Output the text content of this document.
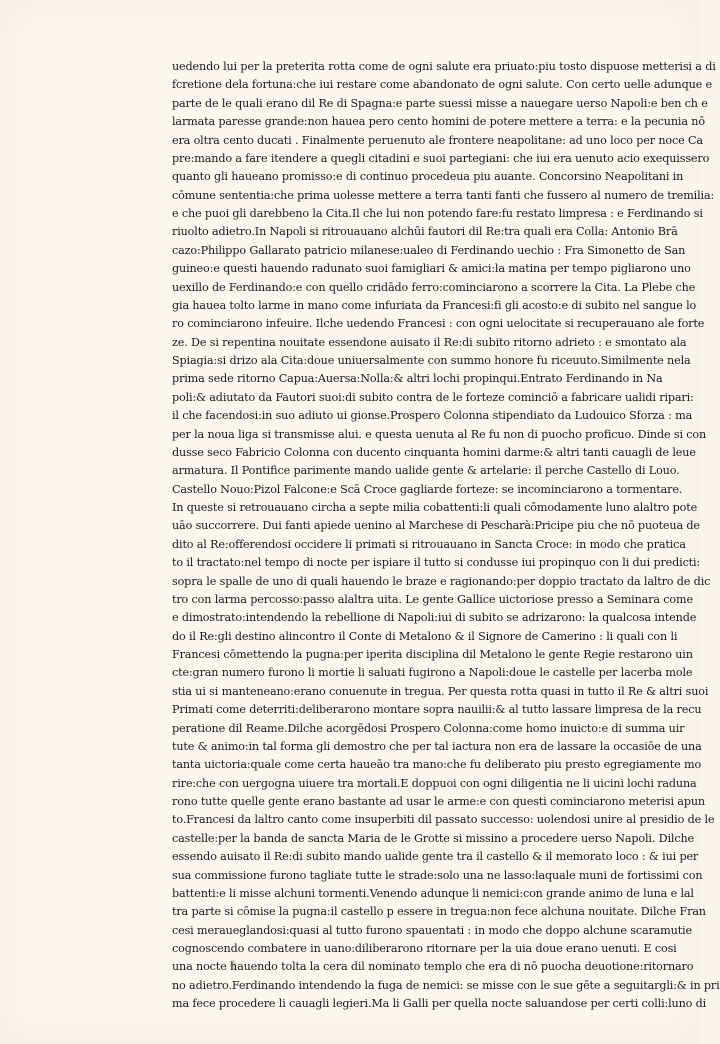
uedendo lui per la preterita rotta come de ogni salute era priuato:piu tosto dispuose metterisi a di
fcretione dela fortuna:che iui restare come abandonato de ogni salute. Con certo uelle adunque e
parte de le quali erano dil Re di Spagna:e parte suessi misse a nauegare uerso Napoli:e ben ch e
larmata paresse grande:non hauea pero cento homini de potere mettere a terra: e la pecunia nō
era oltra cento ducati . Finalmente peruenuto ale frontere neapolitane: ad uno loco per noce Ca
pre:mando a fare itendere a quegli citadini e suoi partegiani: che iui era uenuto acio exequissero
quanto gli haueano promisso:e di continuo procedeua piu auante. Concorsino Neapolitani in
cōmune sententia:che prima uolesse mettere a terra tanti fanti che fussero al numero de tremilia:
e che puoi gli darebbeno la Cita.Il che lui non potendo fare:fu restato limpresa : e Ferdinando si
riuolto adietro.In Napoli si ritrouauano alchūi fautori dil Re:tra quali era Colla: Antonio Brā
cazo:Philippo Gallarato patricio milanese:ualeo di Ferdinando uechio : Fra Simonetto de San
guineo:e questi hauendo radunato suoi famigliari & amici:la matina per tempo pigliarono uno
uexillo de Ferdinando:e con quello cridādo ferro:cominciarono a scorrere la Cita. La Plebe che
gia hauea tolto larme in mano come infuriata da Francesi:fi gli acosto:e di subito nel sangue lo
ro cominciarono infeuire. Ilche uedendo Francesi : con ogni uelocitate si recuperauano ale forte
ze. De si repentina nouitate essendone auisato il Re:di subito ritorno adrieto : e smontato ala
Spiagia:si drizo ala Cita:doue uniuersalmente con summo honore fu riceuuto.Similmente nela
prima sede ritorno Capua:Auersa:Nolla:& altri lochi propinqui.Entrato Ferdinando in Na
poli:& adiutato da Fautori suoi:di subito contra de le forteze cominciō a fabricare ualidi ripari:
il che facendosi:in suo adiuto ui gionse.Prospero Colonna stipendiato da Ludouico Sforza : ma
per la noua liga si transmisse alui. e questa uenuta al Re fu non di puocho proficuo. Dinde si con
dusse seco Fabricio Colonna con ducento cinquanta homini darme:& altri tanti cauagli de leue
armatura. Il Pontifice parimente mando ualide gente & artelarie: il perche Castello di Louo.
Castello Nouo:Pizol Falcone:e Scā Croce gagliarde forteze: se incominciarono a tormentare.
In queste si retrouauano circha a septe milia cobattenti:li quali cōmodamente luno alaltro pote
uāo succorrere. Dui fanti apiede uenino al Marchese di Pescharà:Pricipe piu che nō puoteua de
dito al Re:offerendosi occidere li primati si ritrouauano in Sancta Croce: in modo che pratica
to il tractato:nel tempo di nocte per ispiare il tutto si condusse iui propinquo con li dui predicti:
sopra le spalle de uno di quali hauendo le braze e ragionando:per doppio tractato da laltro de dic
tro con larma percosso:passo alaltra uita. Le gente Gallice uictoriose presso a Seminara come
e dimostrato:intendendo la rebellione di Napoli:iui di subito se adrizarono: la qualcosa intende
do il Re:gli destino alincontro il Conte di Metalono & il Signore de Camerino : li quali con li
Francesi cōmettendo la pugna:per iperita disciplina dil Metalono le gente Regie restarono uin
cte:gran numero furono li mortie li saluati fugirono a Napoli:doue le castelle per lacerba mole
stia ui si manteneano:erano conuenute in tregua. Per questa rotta quasi in tutto il Re & altri suoi
Primati come deterriti:deliberarono montare sopra nauilii:& al tutto lassare limpresa de la recu
peratione dil Reame.Dilche acorgēdosi Prospero Colonna:come homo inuicto:e di summa uir
tute & animo:in tal forma gli demostro che per tal iactura non era de lassare la occasiōe de una
tanta uictoria:quale come certa haueāo tra mano:che fu deliberato piu presto egregiamente mo
rire:che con uergogna uiuere tra mortali.E doppuoi con ogni diligentia ne li uicini lochi raduna
rono tutte quelle gente erano bastante ad usar le arme:e con questi cominciarono meterisi apun
to.Francesi da laltro canto come insuperbiti dil passato successo: uolendosi unire al presidio de le
castelle:per la banda de sancta Maria de le Grotte si missino a procedere uerso Napoli. Dilche
essendo auisato il Re:di subito mando ualide gente tra il castello & il memorato loco : & iui per
sua commissione furono tagliate tutte le strade:solo una ne lasso:laquale muni de fortissimi con
battenti:e li misse alchuni tormenti.Venendo adunque li nemici:con grande animo de luna e lal
tra parte si cōmise la pugna:il castello p essere in tregua:non fece alchuna nouitate. Dilche Fran
cesi meraueglandosi:quasi al tutto furono spauentati : in modo che doppo alchune scaramutie
cognoscendo combatere in uano:diliberarono ritornare per la uia doue erano uenuti. E cosi
una nocte hauendo tolta la cera dil nominato templo che era di nō puocha deuotione:ritornaro
no adietro.Ferdinando intendendo la fuga de nemici: se misse con le sue gēte a seguitargli:& in pri
ma fece procedere li cauagli legieri.Ma li Galli per quella nocte saluandose per certi colli:luno di
